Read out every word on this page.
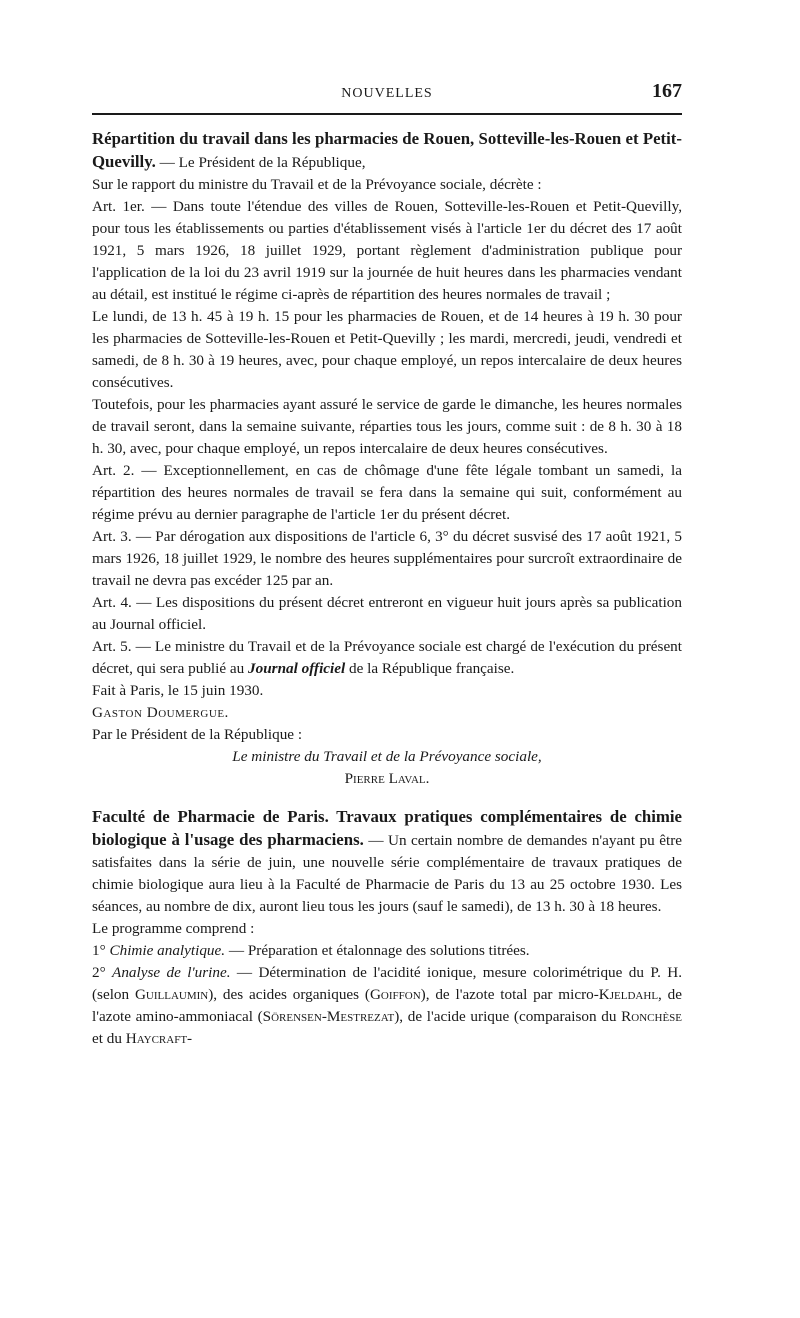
NOUVELLES	167

Répartition du travail dans les pharmacies de Rouen, Sotteville-les-Rouen et Petit-Quevilly. — Le Président de la République,

Sur le rapport du ministre du Travail et de la Prévoyance sociale, décrète :

Art. 1er. — Dans toute l'étendue des villes de Rouen, Sotteville-les-Rouen et Petit-Quevilly, pour tous les établissements ou parties d'établissement visés à l'article 1er du décret des 17 août 1921, 5 mars 1926, 18 juillet 1929, portant règlement d'administration publique pour l'application de la loi du 23 avril 1919 sur la journée de huit heures dans les pharmacies vendant au détail, est institué le régime ci-après de répartition des heures normales de travail ;

Le lundi, de 13 h. 45 à 19 h. 15 pour les pharmacies de Rouen, et de 14 heures à 19 h. 30 pour les pharmacies de Sotteville-les-Rouen et Petit-Quevilly ; les mardi, mercredi, jeudi, vendredi et samedi, de 8 h. 30 à 19 heures, avec, pour chaque employé, un repos intercalaire de deux heures consécutives.

Toutefois, pour les pharmacies ayant assuré le service de garde le dimanche, les heures normales de travail seront, dans la semaine suivante, réparties tous les jours, comme suit : de 8 h. 30 à 18 h. 30, avec, pour chaque employé, un repos intercalaire de deux heures consécutives.

Art. 2. — Exceptionnellement, en cas de chômage d'une fête légale tombant un samedi, la répartition des heures normales de travail se fera dans la semaine qui suit, conformément au régime prévu au dernier paragraphe de l'article 1er du présent décret.

Art. 3. — Par dérogation aux dispositions de l'article 6, 3° du décret susvisé des 17 août 1921, 5 mars 1926, 18 juillet 1929, le nombre des heures supplémentaires pour surcroît extraordinaire de travail ne devra pas excéder 125 par an.

Art. 4. — Les dispositions du présent décret entreront en vigueur huit jours après sa publication au Journal officiel.

Art. 5. — Le ministre du Travail et de la Prévoyance sociale est chargé de l'exécution du présent décret, qui sera publié au Journal officiel de la République française.

Fait à Paris, le 15 juin 1930.

Gaston Doumergue.

Par le Président de la République :

Le ministre du Travail et de la Prévoyance sociale,

Pierre Laval.

Faculté de Pharmacie de Paris. Travaux pratiques complémentaires de chimie biologique à l'usage des pharmaciens. — Un certain nombre de demandes n'ayant pu être satisfaites dans la série de juin, une nouvelle série complémentaire de travaux pratiques de chimie biologique aura lieu à la Faculté de Pharmacie de Paris du 13 au 25 octobre 1930. Les séances, au nombre de dix, auront lieu tous les jours (sauf le samedi), de 13 h. 30 à 18 heures.

Le programme comprend :

1° Chimie analytique. — Préparation et étalonnage des solutions titrées.

2° Analyse de l'urine. — Détermination de l'acidité ionique, mesure colorimétrique du P. H. (selon Guillaumin), des acides organiques (Goiffon), de l'azote total par micro-Kjeldahl, de l'azote amino-ammoniacal (Sörensen-Mestrezat), de l'acide urique (comparaison du Ronchèse et du Haycraft-
